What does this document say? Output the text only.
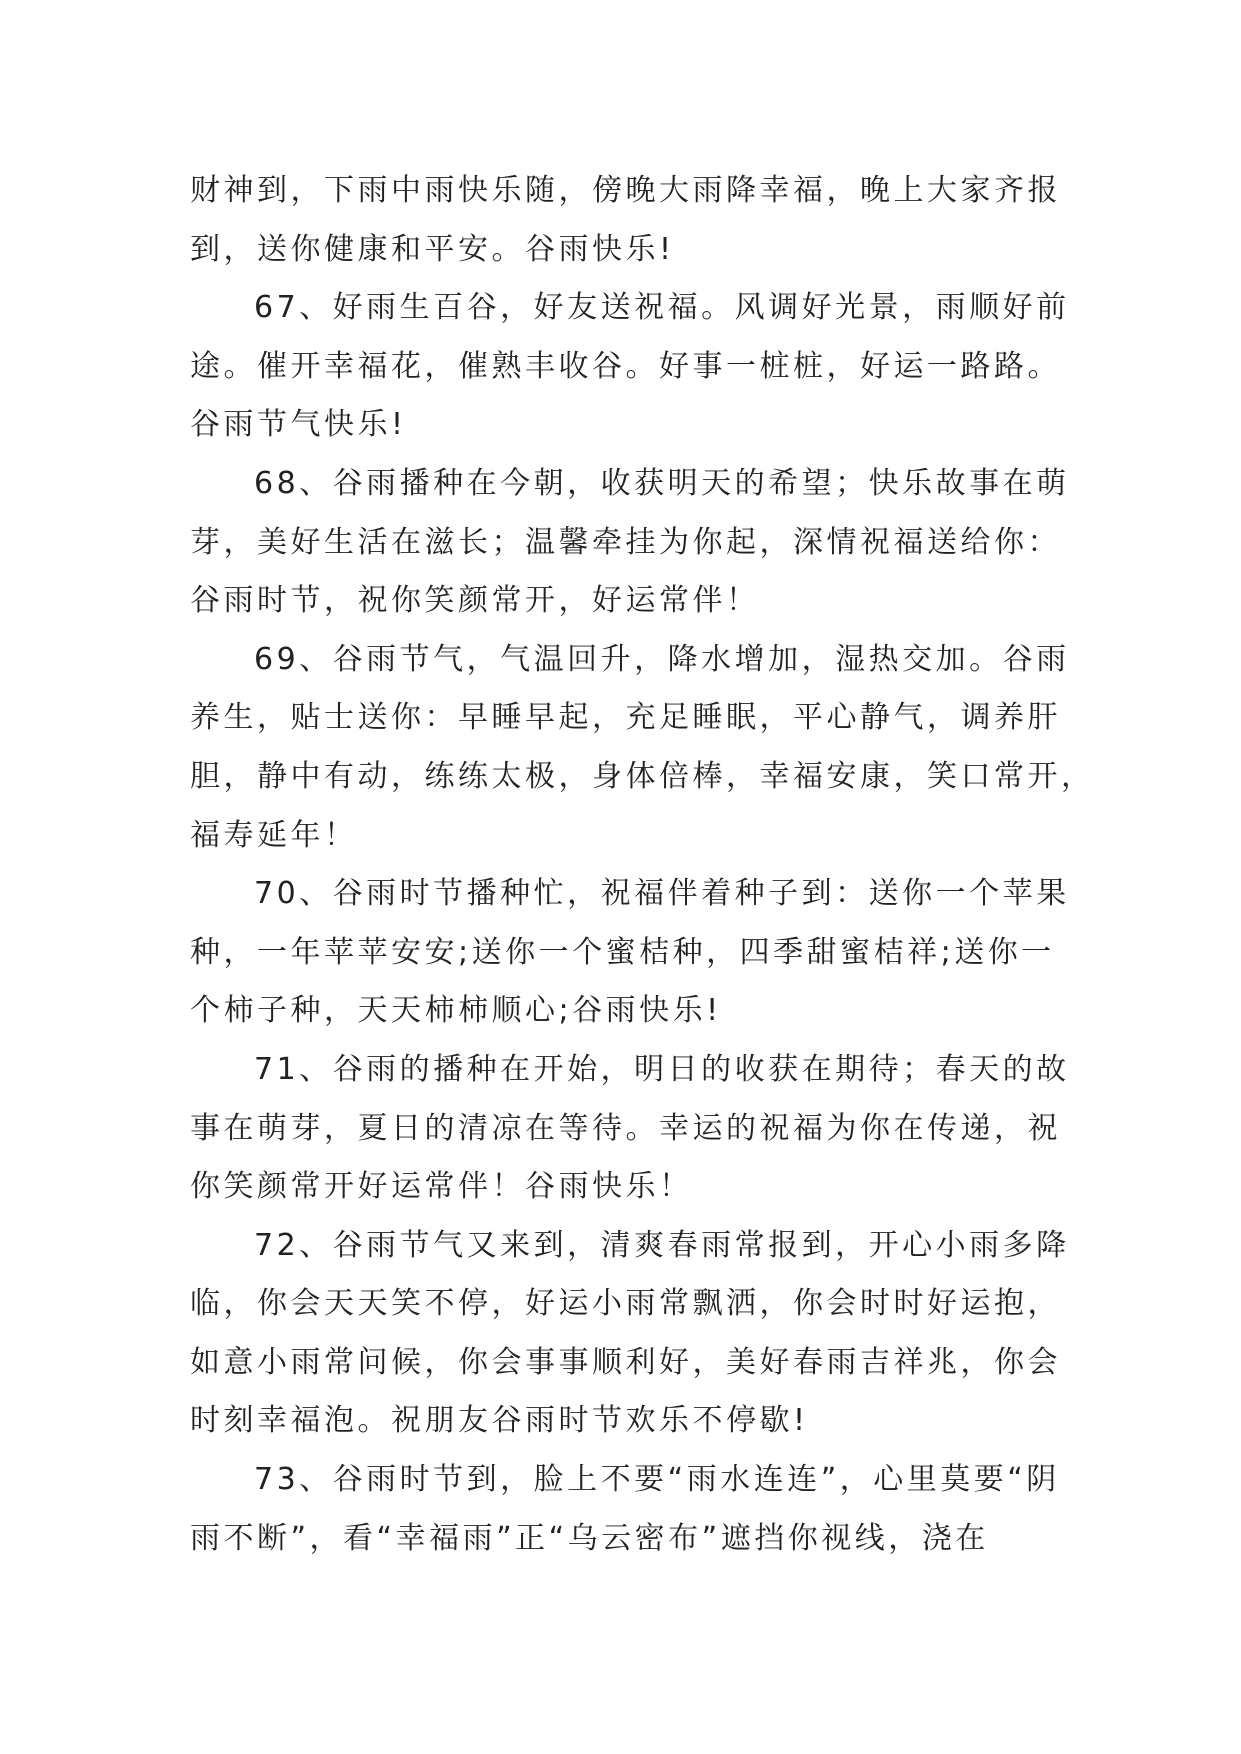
财神到，下雨中雨快乐随，傍晚大雨降幸福，晚上大家齐报
到，送你健康和平安。谷雨快乐!

67、好雨生百谷，好友送祝福。风调好光景，雨顺好前
途。催开幸福花，催熟丰收谷。好事一桩桩，好运一路路。
谷雨节气快乐!

68、谷雨播种在今朝，收获明天的希望；快乐故事在萌
芽，美好生活在滋长；温馨牵挂为你起，深情祝福送给你：
谷雨时节，祝你笑颜常开，好运常伴！

69、谷雨节气，气温回升，降水增加，湿热交加。谷雨
养生，贴士送你：早睡早起，充足睡眠，平心静气，调养肝
胆，静中有动，练练太极，身体倍棒，幸福安康，笑口常开，
福寿延年！

70、谷雨时节播种忙，祝福伴着种子到：送你一个苹果
种，一年苹苹安安;送你一个蜜桔种，四季甜蜜桔祥;送你一
个柿子种，天天柿柿顺心;谷雨快乐!

71、谷雨的播种在开始，明日的收获在期待；春天的故
事在萌芽，夏日的清凉在等待。幸运的祝福为你在传递，祝
你笑颜常开好运常伴！谷雨快乐！

72、谷雨节气又来到，清爽春雨常报到，开心小雨多降
临，你会天天笑不停，好运小雨常飘洒，你会时时好运抱，
如意小雨常问候，你会事事顺利好，美好春雨吉祥兆，你会
时刻幸福泡。祝朋友谷雨时节欢乐不停歇!

73、谷雨时节到，脸上不要“雨水连连”，心里莫要“阴
雨不断”，看“幸福雨”正“乌云密布”遮挡你视线，浇在
